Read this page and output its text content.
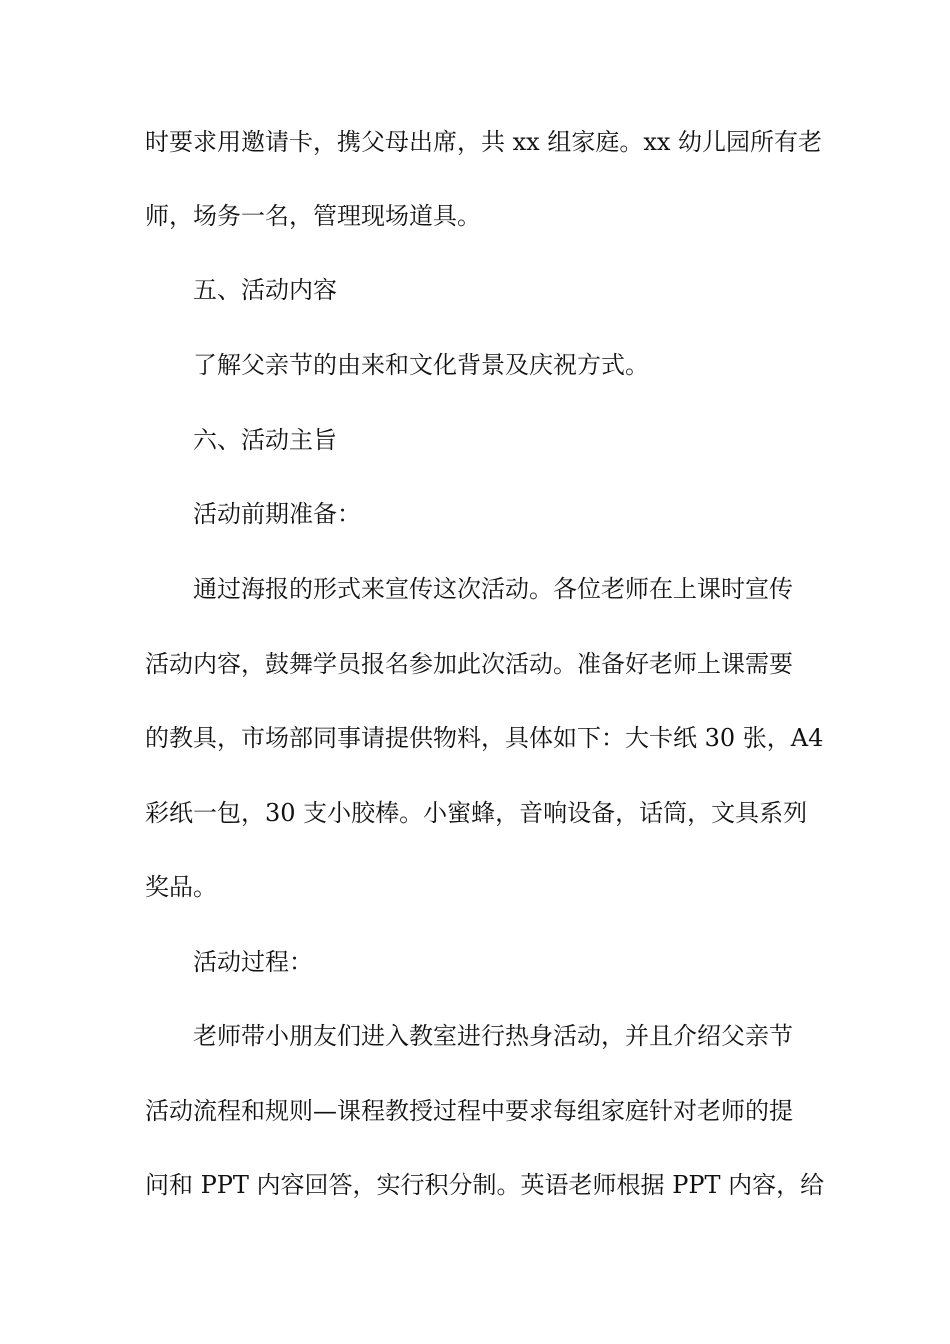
时要求用邀请卡，携父母出席，共 xx 组家庭。xx 幼儿园所有老
师，场务一名，管理现场道具。
五、活动内容
了解父亲节的由来和文化背景及庆祝方式。
六、活动主旨
活动前期准备：
通过海报的形式来宣传这次活动。各位老师在上课时宣传
活动内容，鼓舞学员报名参加此次活动。准备好老师上课需要
的教具，市场部同事请提供物料，具体如下：大卡纸 30 张，A4
彩纸一包，30 支小胶棒。小蜜蜂，音响设备，话筒，文具系列
奖品。
活动过程：
老师带小朋友们进入教室进行热身活动，并且介绍父亲节
活动流程和规则—课程教授过程中要求每组家庭针对老师的提
问和 PPT 内容回答，实行积分制。英语老师根据 PPT 内容，给
